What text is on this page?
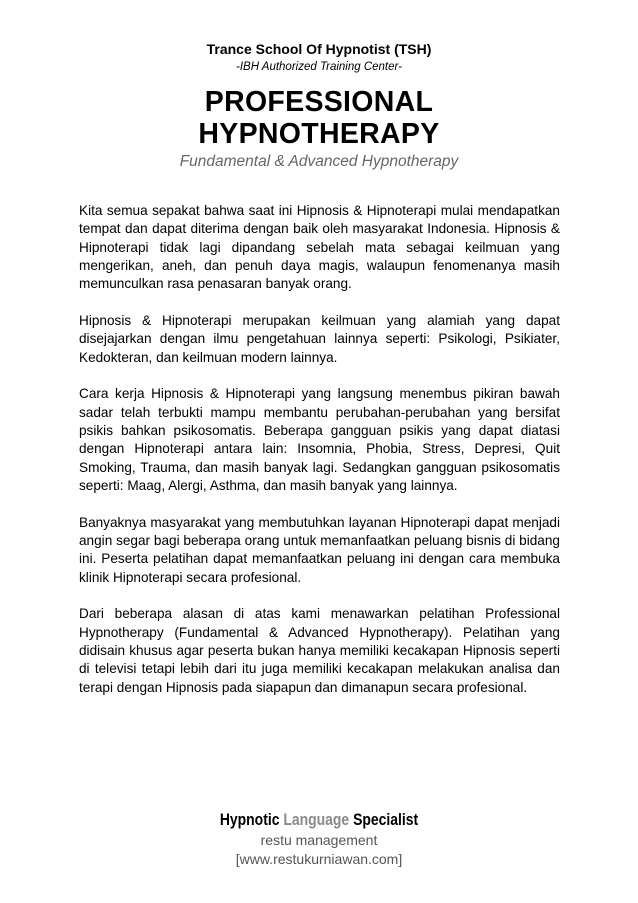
Trance School Of Hypnotist (TSH)
-IBH Authorized Training Center-
PROFESSIONAL
HYPNOTHERAPY
Fundamental & Advanced Hypnotherapy

Kita semua sepakat bahwa saat ini Hipnosis & Hipnoterapi mulai mendapatkan tempat dan dapat diterima dengan baik oleh masyarakat Indonesia. Hipnosis & Hipnoterapi tidak lagi dipandang sebelah mata sebagai keilmuan yang mengerikan, aneh, dan penuh daya magis, walaupun fenomenanya masih memunculkan rasa penasaran banyak orang.

Hipnosis & Hipnoterapi merupakan keilmuan yang alamiah yang dapat disejajarkan dengan ilmu pengetahuan lainnya seperti: Psikologi, Psikiater, Kedokteran, dan keilmuan modern lainnya.

Cara kerja Hipnosis & Hipnoterapi yang langsung menembus pikiran bawah sadar telah terbukti mampu membantu perubahan-perubahan yang bersifat psikis bahkan psikosomatis. Beberapa gangguan psikis yang dapat diatasi dengan Hipnoterapi antara lain: Insomnia, Phobia, Stress, Depresi, Quit Smoking, Trauma, dan masih banyak lagi. Sedangkan gangguan psikosomatis seperti: Maag, Alergi, Asthma, dan masih banyak yang lainnya.

Banyaknya masyarakat yang membutuhkan layanan Hipnoterapi dapat menjadi angin segar bagi beberapa orang untuk memanfaatkan peluang bisnis di bidang ini. Peserta pelatihan dapat memanfaatkan peluang ini dengan cara membuka klinik Hipnoterapi secara profesional.

Dari beberapa alasan di atas kami menawarkan pelatihan Professional Hypnotherapy (Fundamental & Advanced Hypnotherapy). Pelatihan yang didisain khusus agar peserta bukan hanya memiliki kecakapan Hipnosis seperti di televisi tetapi lebih dari itu juga memiliki kecakapan melakukan analisa dan terapi dengan Hipnosis pada siapapun dan dimanapun secara profesional.

Hypnotic Language Specialist
restu management
[www.restukurniawan.com]
